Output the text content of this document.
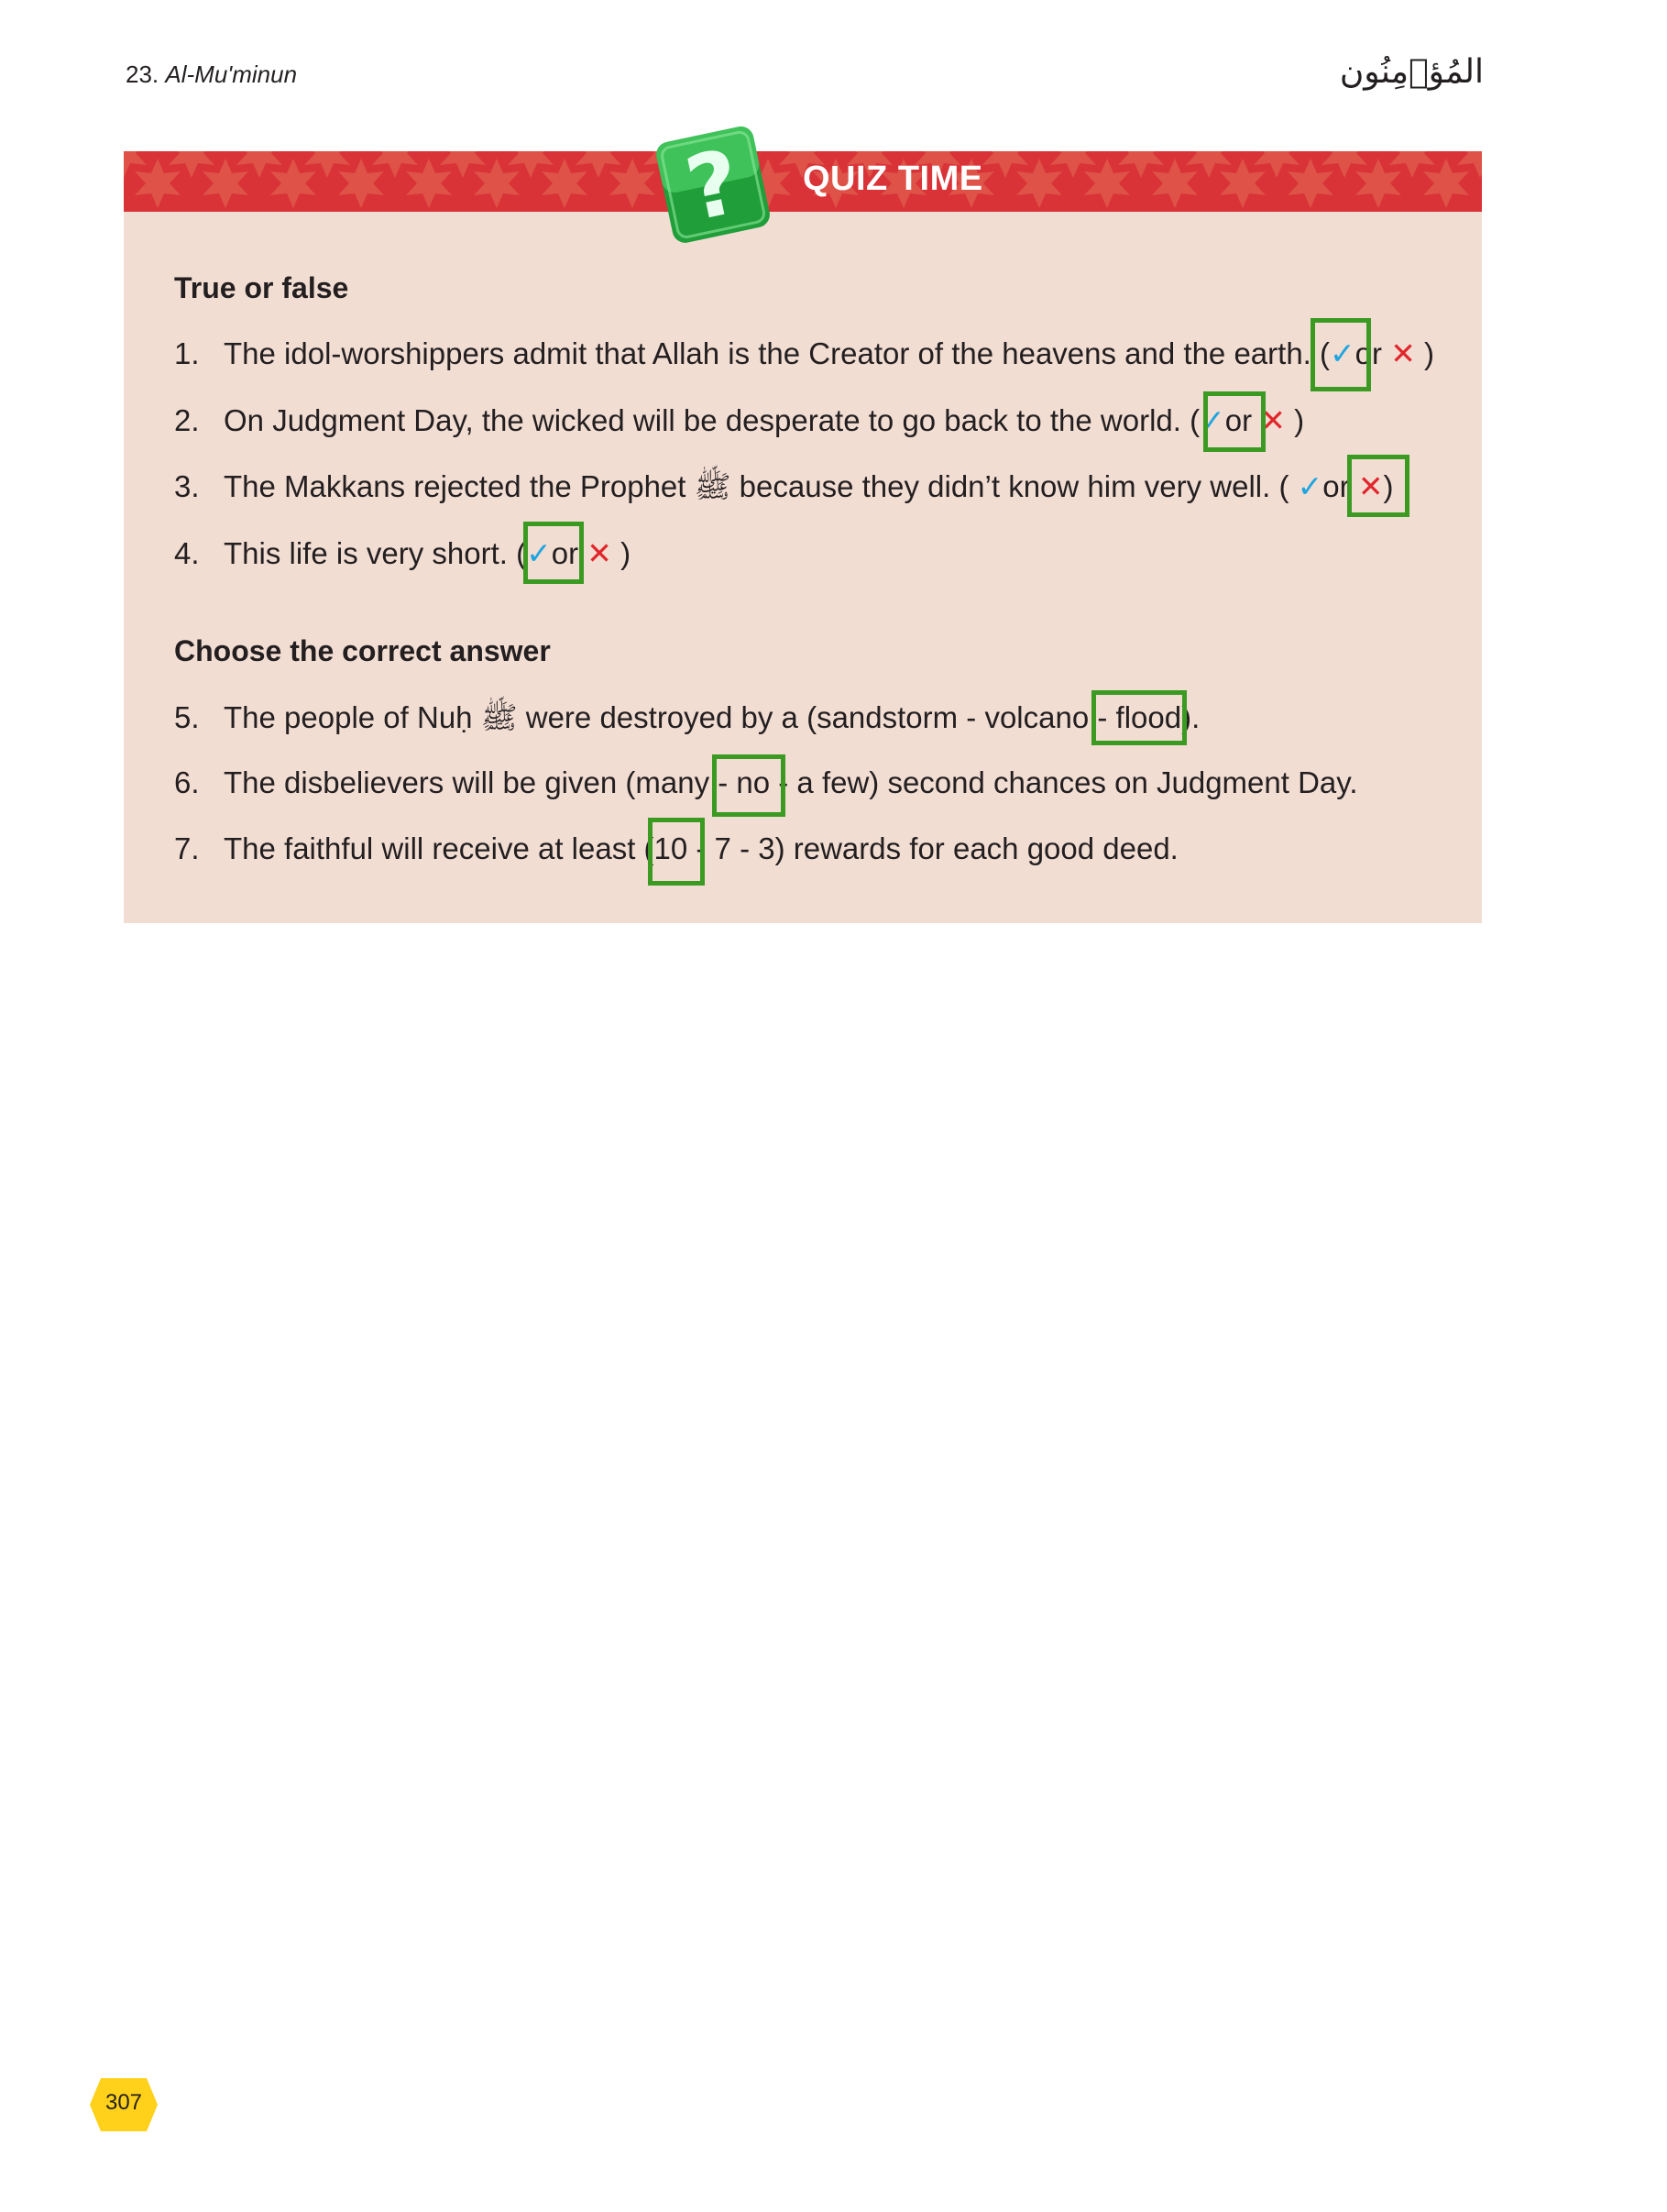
23. Al-Mu'minun	المُؤۡمِنُون
? QUIZ TIME
True or false
1. The idol-worshippers admit that Allah is the Creator of the heavens and the earth. (✓or ✕ )
2. On Judgment Day, the wicked will be desperate to go back to the world. (✓or ✕ )
3. The Makkans rejected the Prophet ﷺ because they didn’t know him very well. ( ✓or ✕)
4. This life is very short. (✓or ✕ )
Choose the correct answer
5. The people of Nuḥ ﷺ were destroyed by a (sandstorm - volcano - flood).
6. The disbelievers will be given (many - no - a few) second chances on Judgment Day.
7. The faithful will receive at least (10 - 7 - 3) rewards for each good deed.
307
